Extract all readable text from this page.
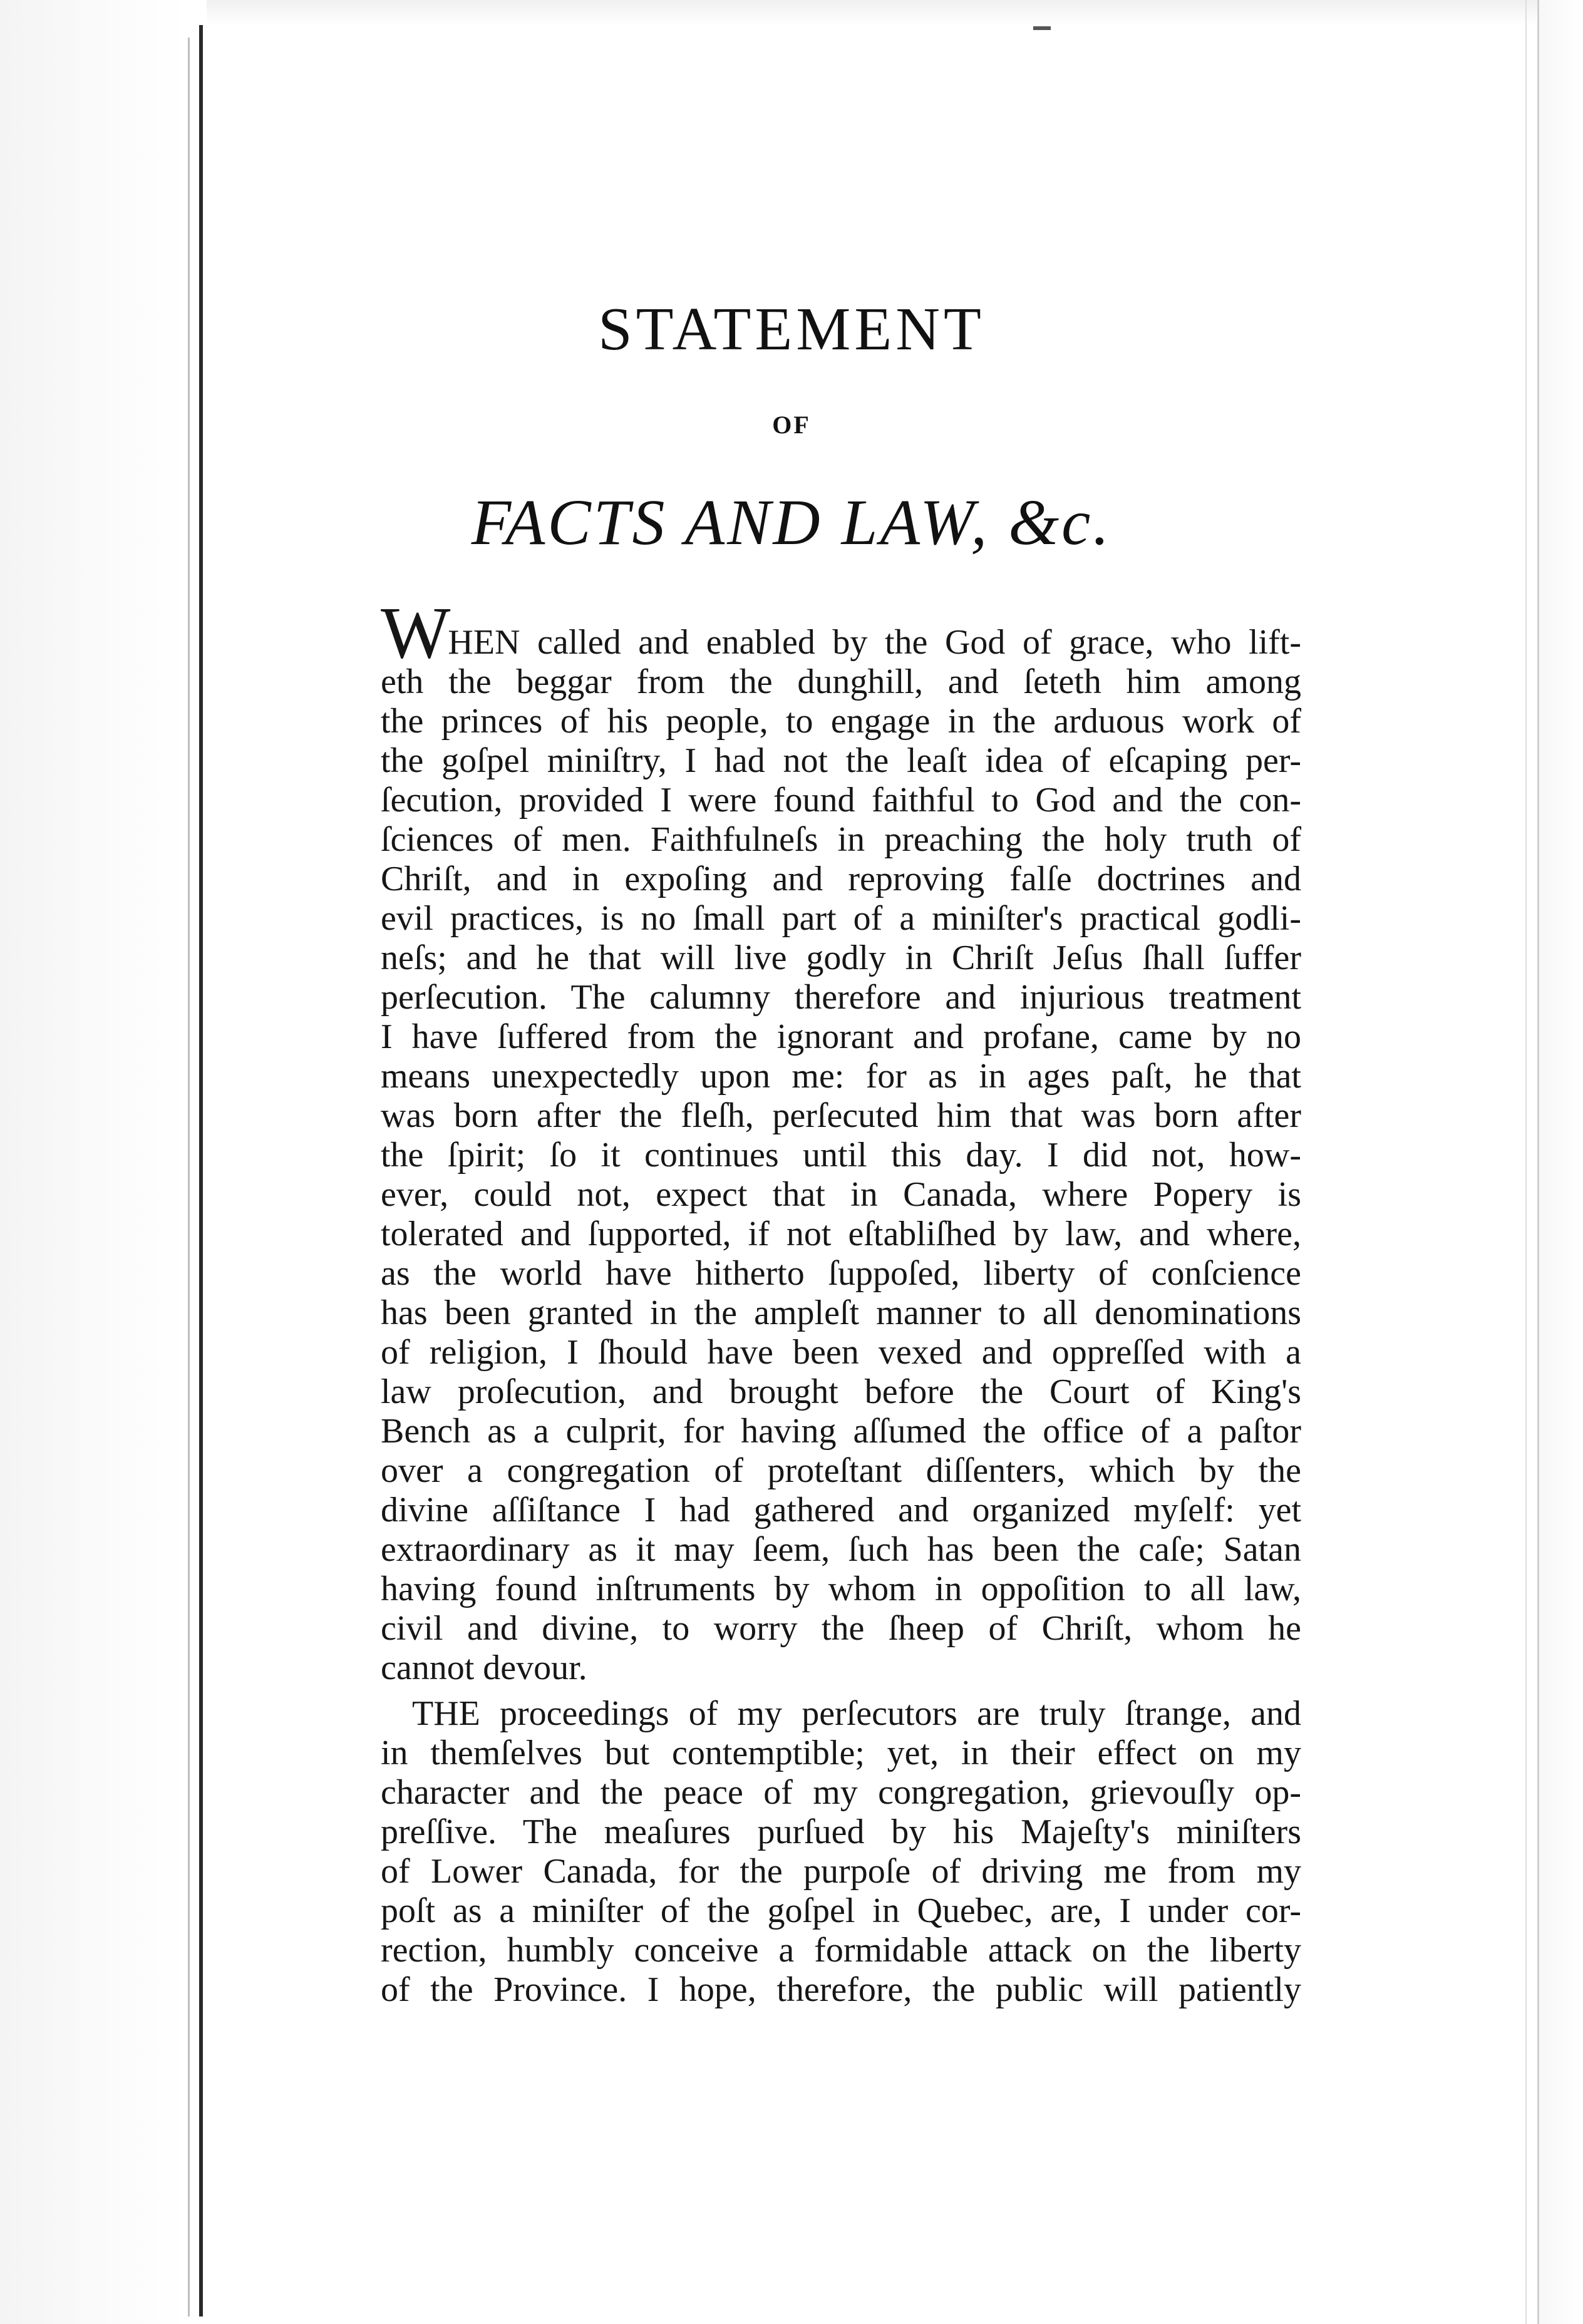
STATEMENT
OF
FACTS AND LAW, &c.
WHEN called and enabled by the God of grace, who lift-
eth the beggar from the dunghill, and ſeteth him among
the princes of his people, to engage in the arduous work of
the goſpel miniſtry, I had not the leaſt idea of eſcaping per-
ſecution, provided I were found faithful to God and the con-
ſciences of men. Faithfulneſs in preaching the holy truth of
Chriſt, and in expoſing and reproving falſe doctrines and
evil practices, is no ſmall part of a miniſter's practical godli-
neſs; and he that will live godly in Chriſt Jeſus ſhall ſuffer
perſecution. The calumny therefore and injurious treatment
I have ſuffered from the ignorant and profane, came by no
means unexpectedly upon me: for as in ages paſt, he that
was born after the fleſh, perſecuted him that was born after
the ſpirit; ſo it continues until this day. I did not, how-
ever, could not, expect that in Canada, where Popery is
tolerated and ſupported, if not eſtabliſhed by law, and where,
as the world have hitherto ſuppoſed, liberty of conſcience
has been granted in the ampleſt manner to all denominations
of religion, I ſhould have been vexed and oppreſſed with a
law proſecution, and brought before the Court of King's
Bench as a culprit, for having aſſumed the office of a paſtor
over a congregation of proteſtant diſſenters, which by the
divine aſſiſtance I had gathered and organized myſelf: yet
extraordinary as it may ſeem, ſuch has been the caſe; Satan
having found inſtruments by whom in oppoſition to all law,
civil and divine, to worry the ſheep of Chriſt, whom he
cannot devour.
THE proceedings of my perſecutors are truly ſtrange, and
in themſelves but contemptible; yet, in their effect on my
character and the peace of my congregation, grievouſly op-
preſſive. The meaſures purſued by his Majeſty's miniſters
of Lower Canada, for the purpoſe of driving me from my
poſt as a miniſter of the goſpel in Quebec, are, I under cor-
rection, humbly conceive a formidable attack on the liberty
of the Province. I hope, therefore, the public will patiently
